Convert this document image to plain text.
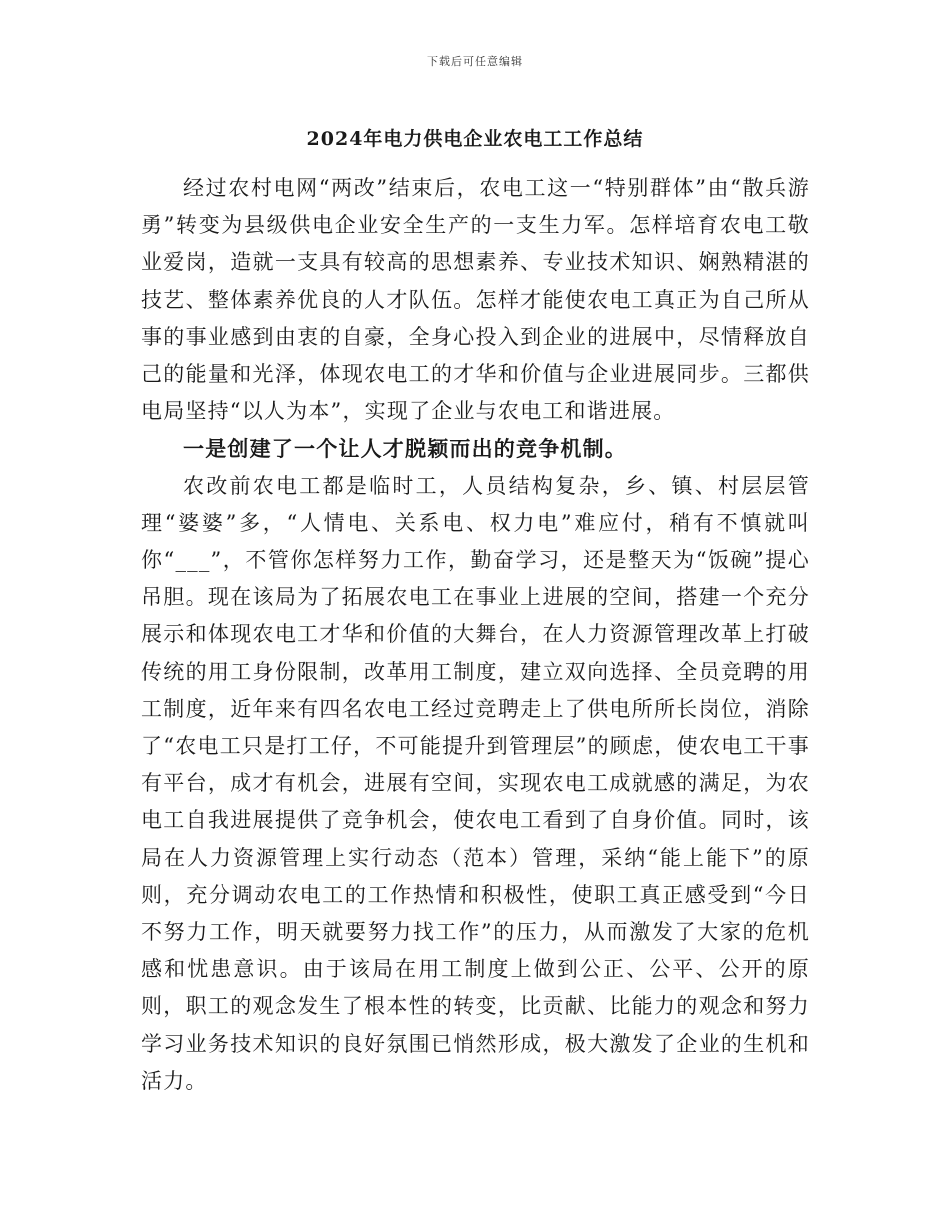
下载后可任意编辑
2024年电力供电企业农电工工作总结

经过农村电网“两改”结束后，农电工这一“特别群体”由“散兵游勇”转变为县级供电企业安全生产的一支生力军。怎样培育农电工敬业爱岗，造就一支具有较高的思想素养、专业技术知识、娴熟精湛的技艺、整体素养优良的人才队伍。怎样才能使农电工真正为自己所从事的事业感到由衷的自豪，全身心投入到企业的进展中，尽情释放自己的能量和光泽，体现农电工的才华和价值与企业进展同步。三都供电局坚持“以人为本”，实现了企业与农电工和谐进展。

一是创建了一个让人才脱颖而出的竞争机制。

农改前农电工都是临时工，人员结构复杂，乡、镇、村层层管理“婆婆”多，“人情电、关系电、权力电”难应付，稍有不慎就叫你“___”，不管你怎样努力工作，勤奋学习，还是整天为“饭碗”提心吊胆。现在该局为了拓展农电工在事业上进展的空间，搭建一个充分展示和体现农电工才华和价值的大舞台，在人力资源管理改革上打破传统的用工身份限制，改革用工制度，建立双向选择、全员竞聘的用工制度，近年来有四名农电工经过竞聘走上了供电所所长岗位，消除了“农电工只是打工仔，不可能提升到管理层”的顾虑，使农电工干事有平台，成才有机会，进展有空间，实现农电工成就感的满足，为农电工自我进展提供了竞争机会，使农电工看到了自身价值。同时，该局在人力资源管理上实行动态（范本）管理，采纳“能上能下”的原则，充分调动农电工的工作热情和积极性，使职工真正感受到“今日不努力工作，明天就要努力找工作”的压力，从而激发了大家的危机感和忧患意识。由于该局在用工制度上做到公正、公平、公开的原则，职工的观念发生了根本性的转变，比贡献、比能力的观念和努力学习业务技术知识的良好氛围已悄然形成，极大激发了企业的生机和活力。
